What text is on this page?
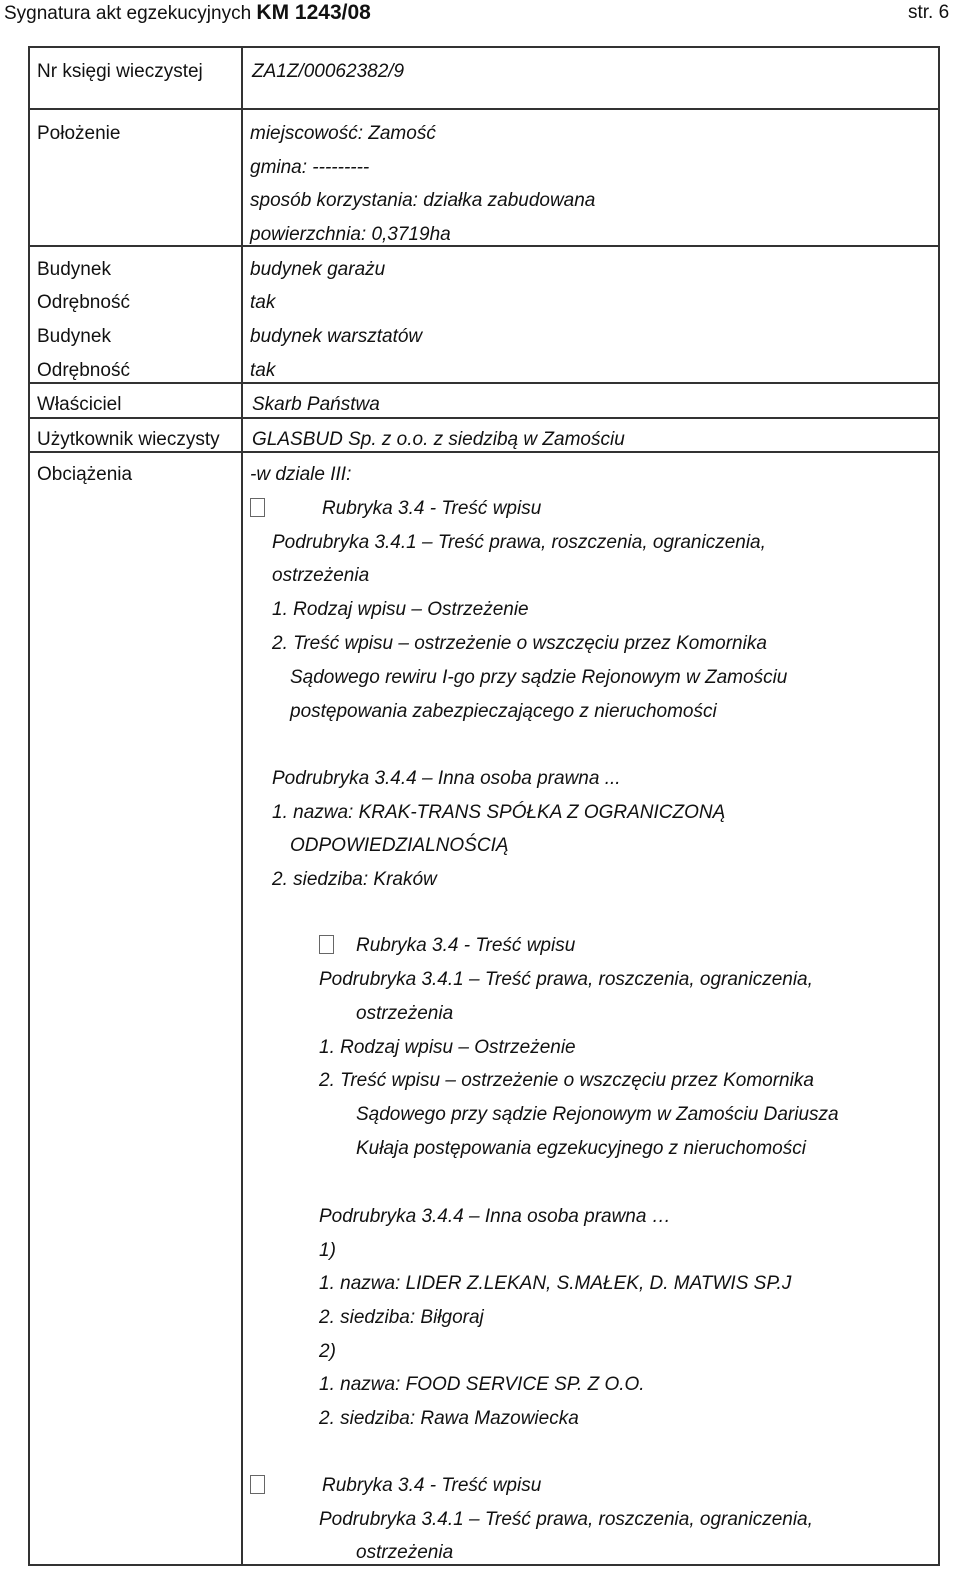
Sygnatura akt egzekucyjnych KM 1243/08	str. 6
Nr księgi wieczystej
Położenie
Budynek
Odrębność
Budynek
Odrębność
Właściciel
Użytkownik wieczysty
Obciążenia
ZA1Z/00062382/9
miejscowość: Zamość
gmina: ---------
sposób korzystania: działka zabudowana
powierzchnia: 0,3719ha
budynek garażu
tak
budynek warsztatów
tak
Skarb Państwa
GLASBUD Sp. z o.o. z siedzibą w Zamościu
-w dziale III:
Rubryka 3.4 - Treść wpisu
Podrubryka 3.4.1 – Treść prawa, roszczenia, ograniczenia,
ostrzeżenia
1. Rodzaj wpisu – Ostrzeżenie
2. Treść wpisu – ostrzeżenie o wszczęciu przez Komornika
Sądowego rewiru I-go przy sądzie Rejonowym w Zamościu
postępowania zabezpieczającego z nieruchomości
Podrubryka 3.4.4 – Inna osoba prawna ...
1. nazwa: KRAK-TRANS SPÓŁKA Z OGRANICZONĄ
ODPOWIEDZIALNOŚCIĄ
2. siedziba: Kraków
Rubryka 3.4 - Treść wpisu
Podrubryka 3.4.1 – Treść prawa, roszczenia, ograniczenia,
ostrzeżenia
1. Rodzaj wpisu – Ostrzeżenie
2. Treść wpisu – ostrzeżenie o wszczęciu przez Komornika
Sądowego przy sądzie Rejonowym w Zamościu Dariusza
Kułaja postępowania egzekucyjnego z nieruchomości
Podrubryka 3.4.4 – Inna osoba prawna …
1)
1. nazwa: LIDER Z.LEKAN, S.MAŁEK, D. MATWIS SP.J
2. siedziba: Biłgoraj
2)
1. nazwa: FOOD SERVICE SP. Z O.O.
2. siedziba: Rawa Mazowiecka
Rubryka 3.4 - Treść wpisu
Podrubryka 3.4.1 – Treść prawa, roszczenia, ograniczenia,
ostrzeżenia
